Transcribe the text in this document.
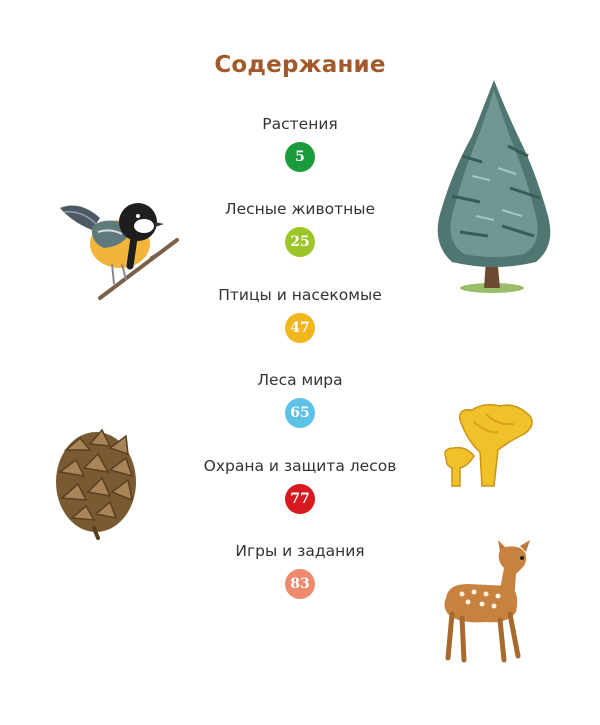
Содержание
Растения
5
Лесные животные
25
Птицы и насекомые
47
Леса мира
65
Охрана и защита лесов
77
Игры и задания
83
